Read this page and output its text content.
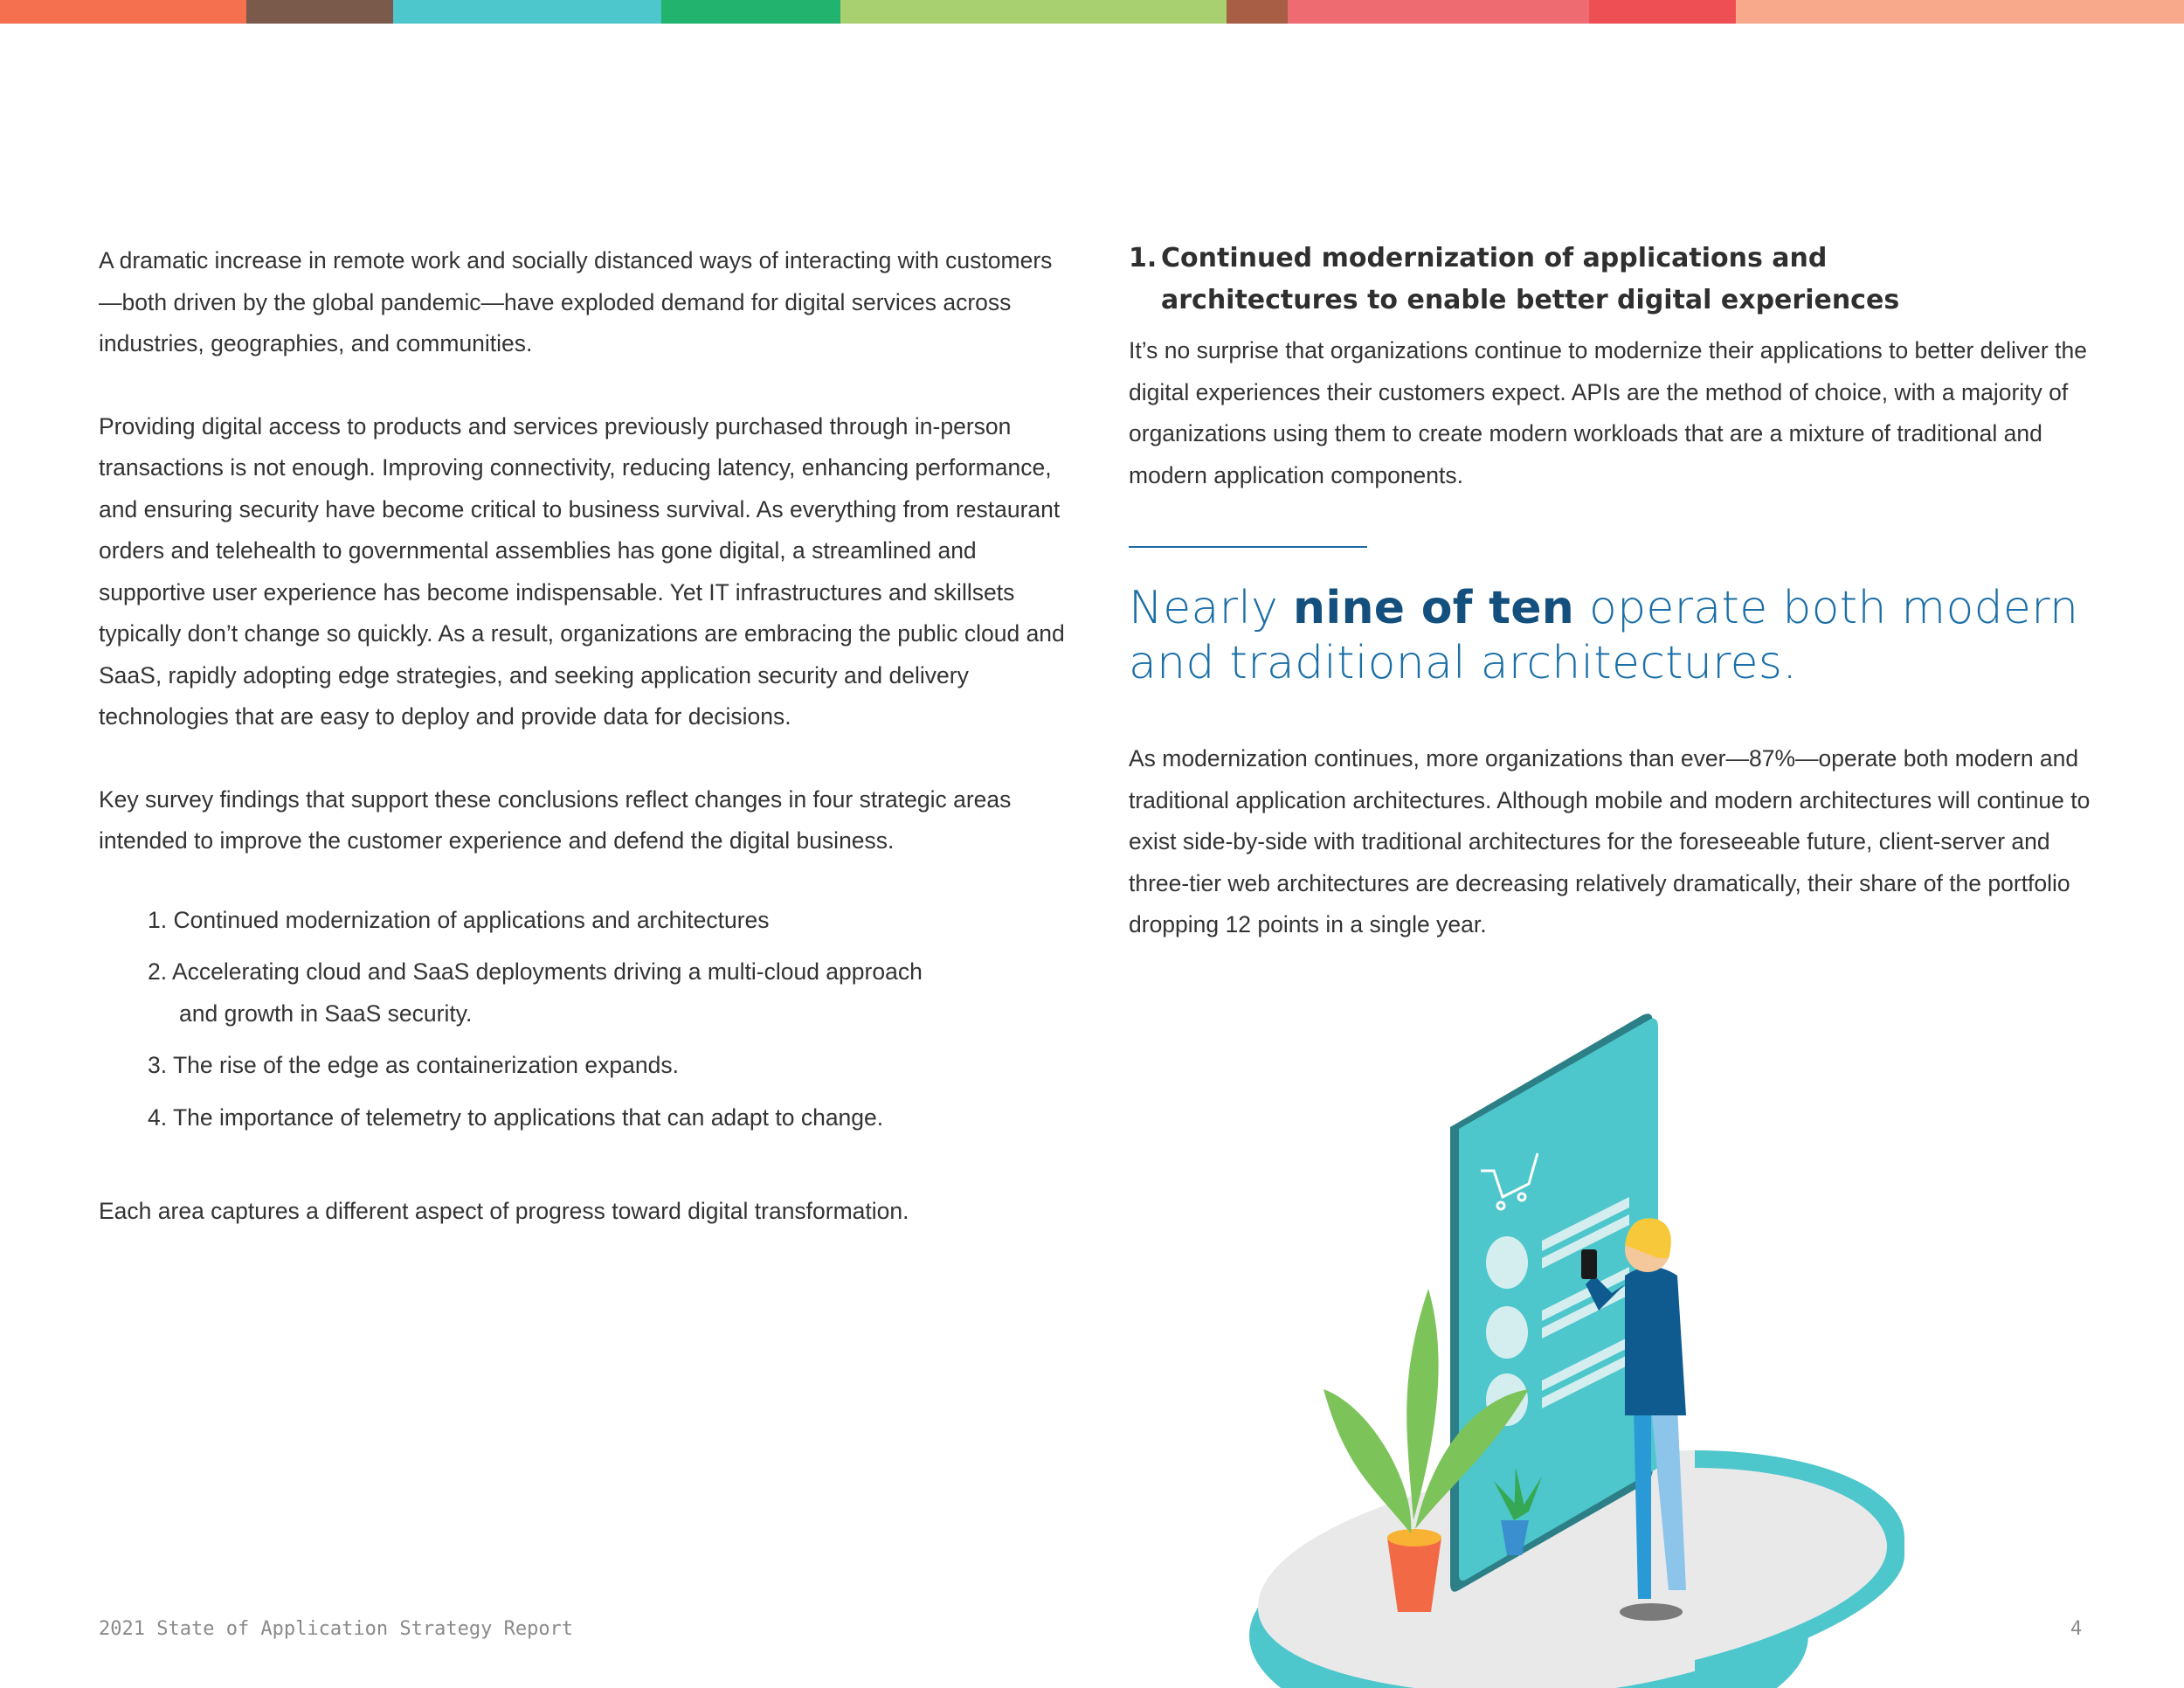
A dramatic increase in remote work and socially distanced ways of interacting with customers—both driven by the global pandemic—have exploded demand for digital services across industries, geographies, and communities.

Providing digital access to products and services previously purchased through in-person transactions is not enough. Improving connectivity, reducing latency, enhancing performance, and ensuring security have become critical to business survival. As everything from restaurant orders and telehealth to governmental assemblies has gone digital, a streamlined and supportive user experience has become indispensable. Yet IT infrastructures and skillsets typically don’t change so quickly. As a result, organizations are embracing the public cloud and SaaS, rapidly adopting edge strategies, and seeking application security and delivery technologies that are easy to deploy and provide data for decisions.

Key survey findings that support these conclusions reflect changes in four strategic areas intended to improve the customer experience and defend the digital business.

1. Continued modernization of applications and architectures
2. Accelerating cloud and SaaS deployments driving a multi-cloud approach and growth in SaaS security.
3. The rise of the edge as containerization expands.
4. The importance of telemetry to applications that can adapt to change.

Each area captures a different aspect of progress toward digital transformation.

1. Continued modernization of applications and
architectures to enable better digital experiences

It’s no surprise that organizations continue to modernize their applications to better deliver the digital experiences their customers expect. APIs are the method of choice, with a majority of organizations using them to create modern workloads that are a mixture of traditional and modern application components.

Nearly nine of ten operate both modern and traditional architectures.

As modernization continues, more organizations than ever—87%—operate both modern and traditional application architectures. Although mobile and modern architectures will continue to exist side-by-side with traditional architectures for the foreseeable future, client-server and three-tier web architectures are decreasing relatively dramatically, their share of the portfolio dropping 12 points in a single year.

2021 State of Application Strategy Report	4
